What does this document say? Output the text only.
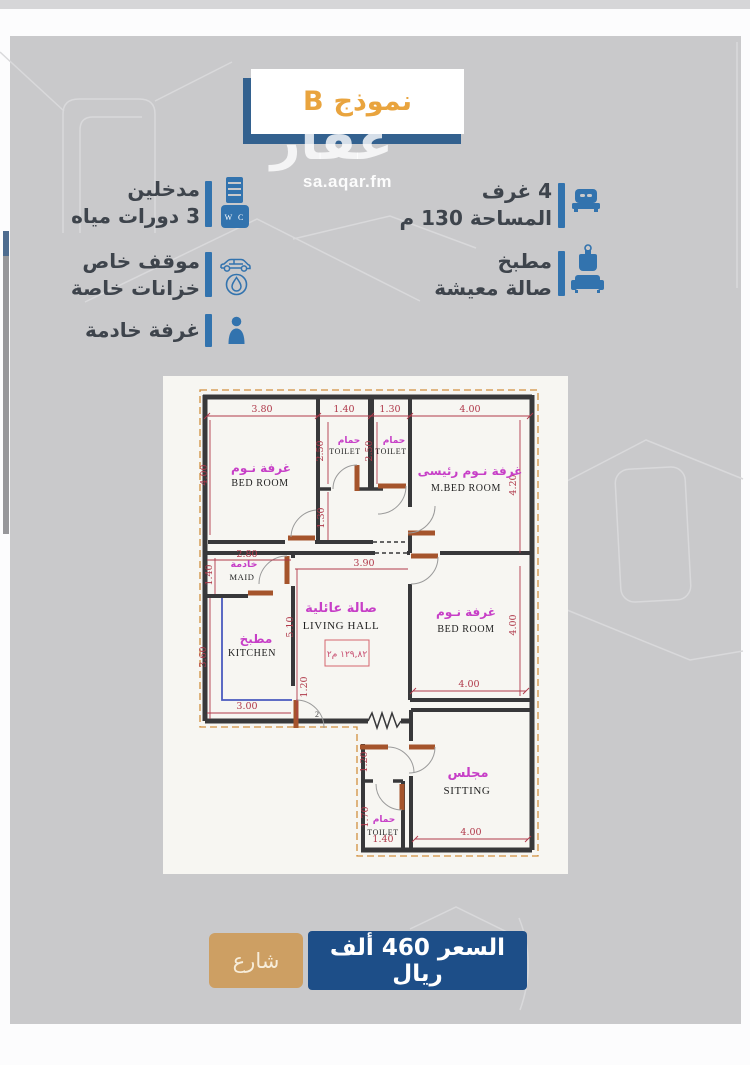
نموذج B
عقار
sa.aqar.fm	4 غرف
المساحة 130 م
مطبخ
صالة معيشة
مدخلين
3 دورات مياه	W C
موقف خاص
خزانات خاصة
غرفة خادمة
3.80	1.40	1.30	4.00
4.00	4.20
2.50	2.50
1.30
2.80
1.40
3.90
5.10
3.60
3.00
1.20
4.00
4.00
4.00
1.20
1.70
1.40
2
غرفة نـوم
BED ROOM
حمام
TOILET
حمام
TOILET
غرفة نـوم رئيسى
M.BED ROOM
خادمة
MAID
مطبخ
KITCHEN
صالة عائلية
LIVING HALL
غرفة نـوم
BED ROOM
مجلس
SITTING
حمام
TOILET
١٢٩,٨٢ م٢
شارع	السعر 460 ألف ريال
